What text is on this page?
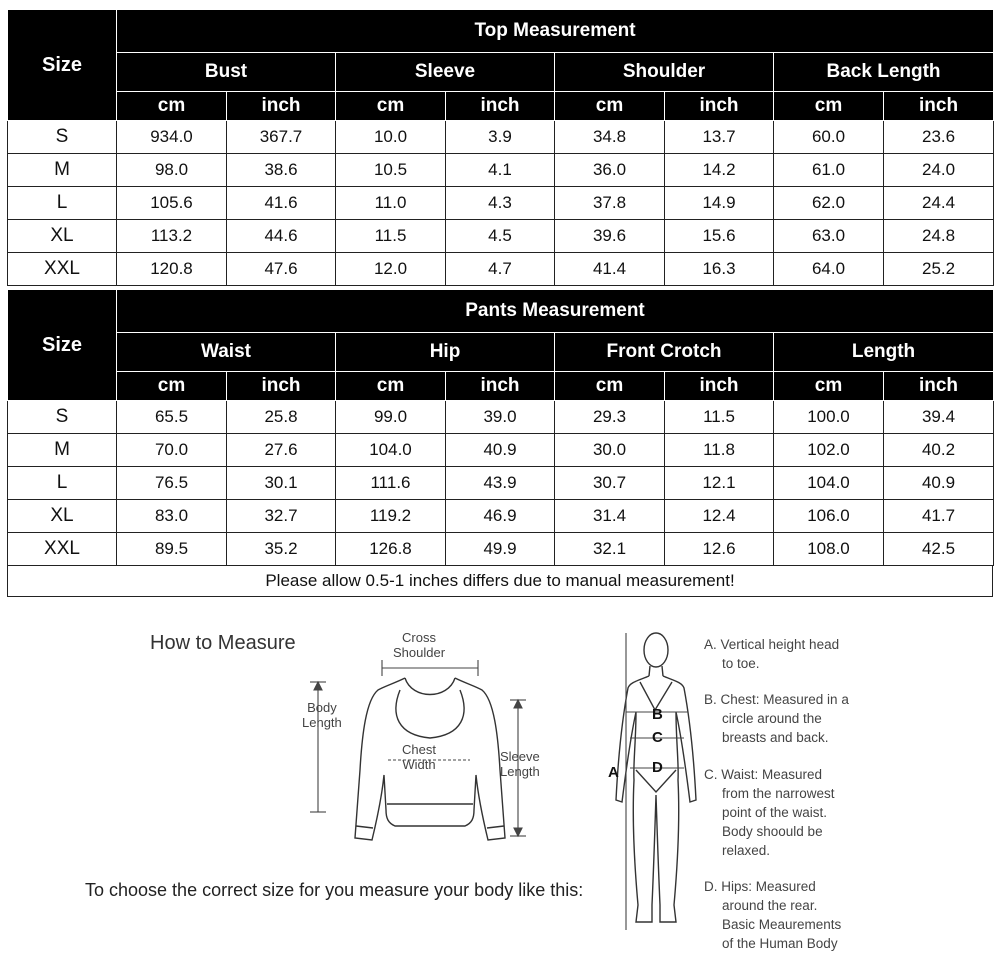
Size	Top Measurement							
	Bust		Sleeve		Shoulder		Back Length	
	cm	inch	cm	inch	cm	inch	cm	inch
S	934.0	367.7	10.0	3.9	34.8	13.7	60.0	23.6
M	98.0	38.6	10.5	4.1	36.0	14.2	61.0	24.0
L	105.6	41.6	11.0	4.3	37.8	14.9	62.0	24.4
XL	113.2	44.6	11.5	4.5	39.6	15.6	63.0	24.8
XXL	120.8	47.6	12.0	4.7	41.4	16.3	64.0	25.2
Size	Pants Measurement							
	Waist		Hip		Front Crotch		Length	
	cm	inch	cm	inch	cm	inch	cm	inch
S	65.5	25.8	99.0	39.0	29.3	11.5	100.0	39.4
M	70.0	27.6	104.0	40.9	30.0	11.8	102.0	40.2
L	76.5	30.1	111.6	43.9	30.7	12.1	104.0	40.9
XL	83.0	32.7	119.2	46.9	31.4	12.4	106.0	41.7
XXL	89.5	35.2	126.8	49.9	32.1	12.6	108.0	42.5
Please allow 0.5-1 inches differs due to manual measurement!
How to Measure	Cross
Shoulder
Body
Length
Chest
Width
Sleeve
Length	A
B
C
D
A. Vertical height head
to toe.
B. Chest: Measured in a
circle around the
breasts and back.
C. Waist: Measured
from the narrowest
point of the waist.
Body shoould be
relaxed.
D. Hips: Measured
around the rear.
Basic Meaurements
of the Human Body
To choose the correct size for you measure your body like this:
